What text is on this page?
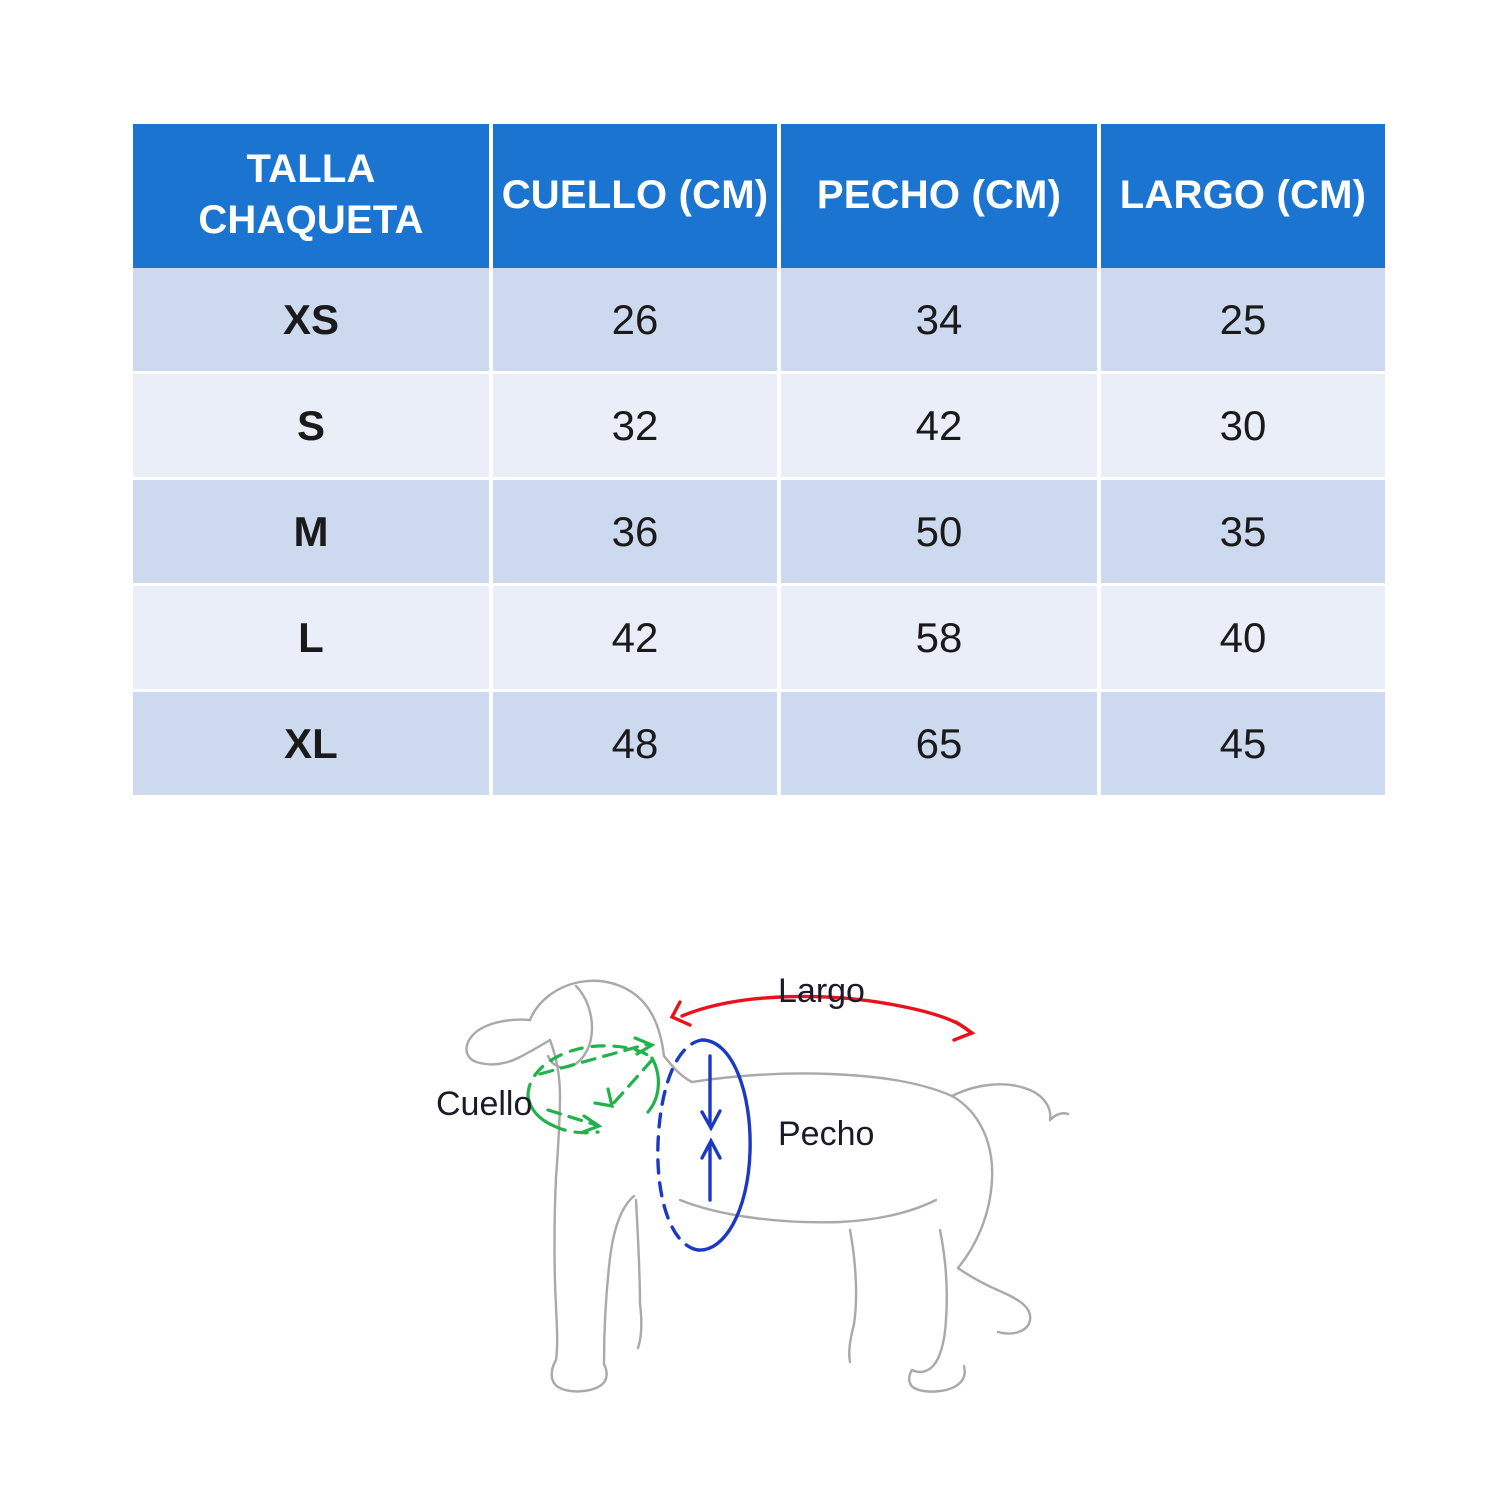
TALLA CHAQUETA	CUELLO (CM)	PECHO (CM)	LARGO (CM)
XS	26	34	25
S	32	42	30
M	36	50	35
L	42	58	40
XL	48	65	45
Largo
Cuello
Pecho
